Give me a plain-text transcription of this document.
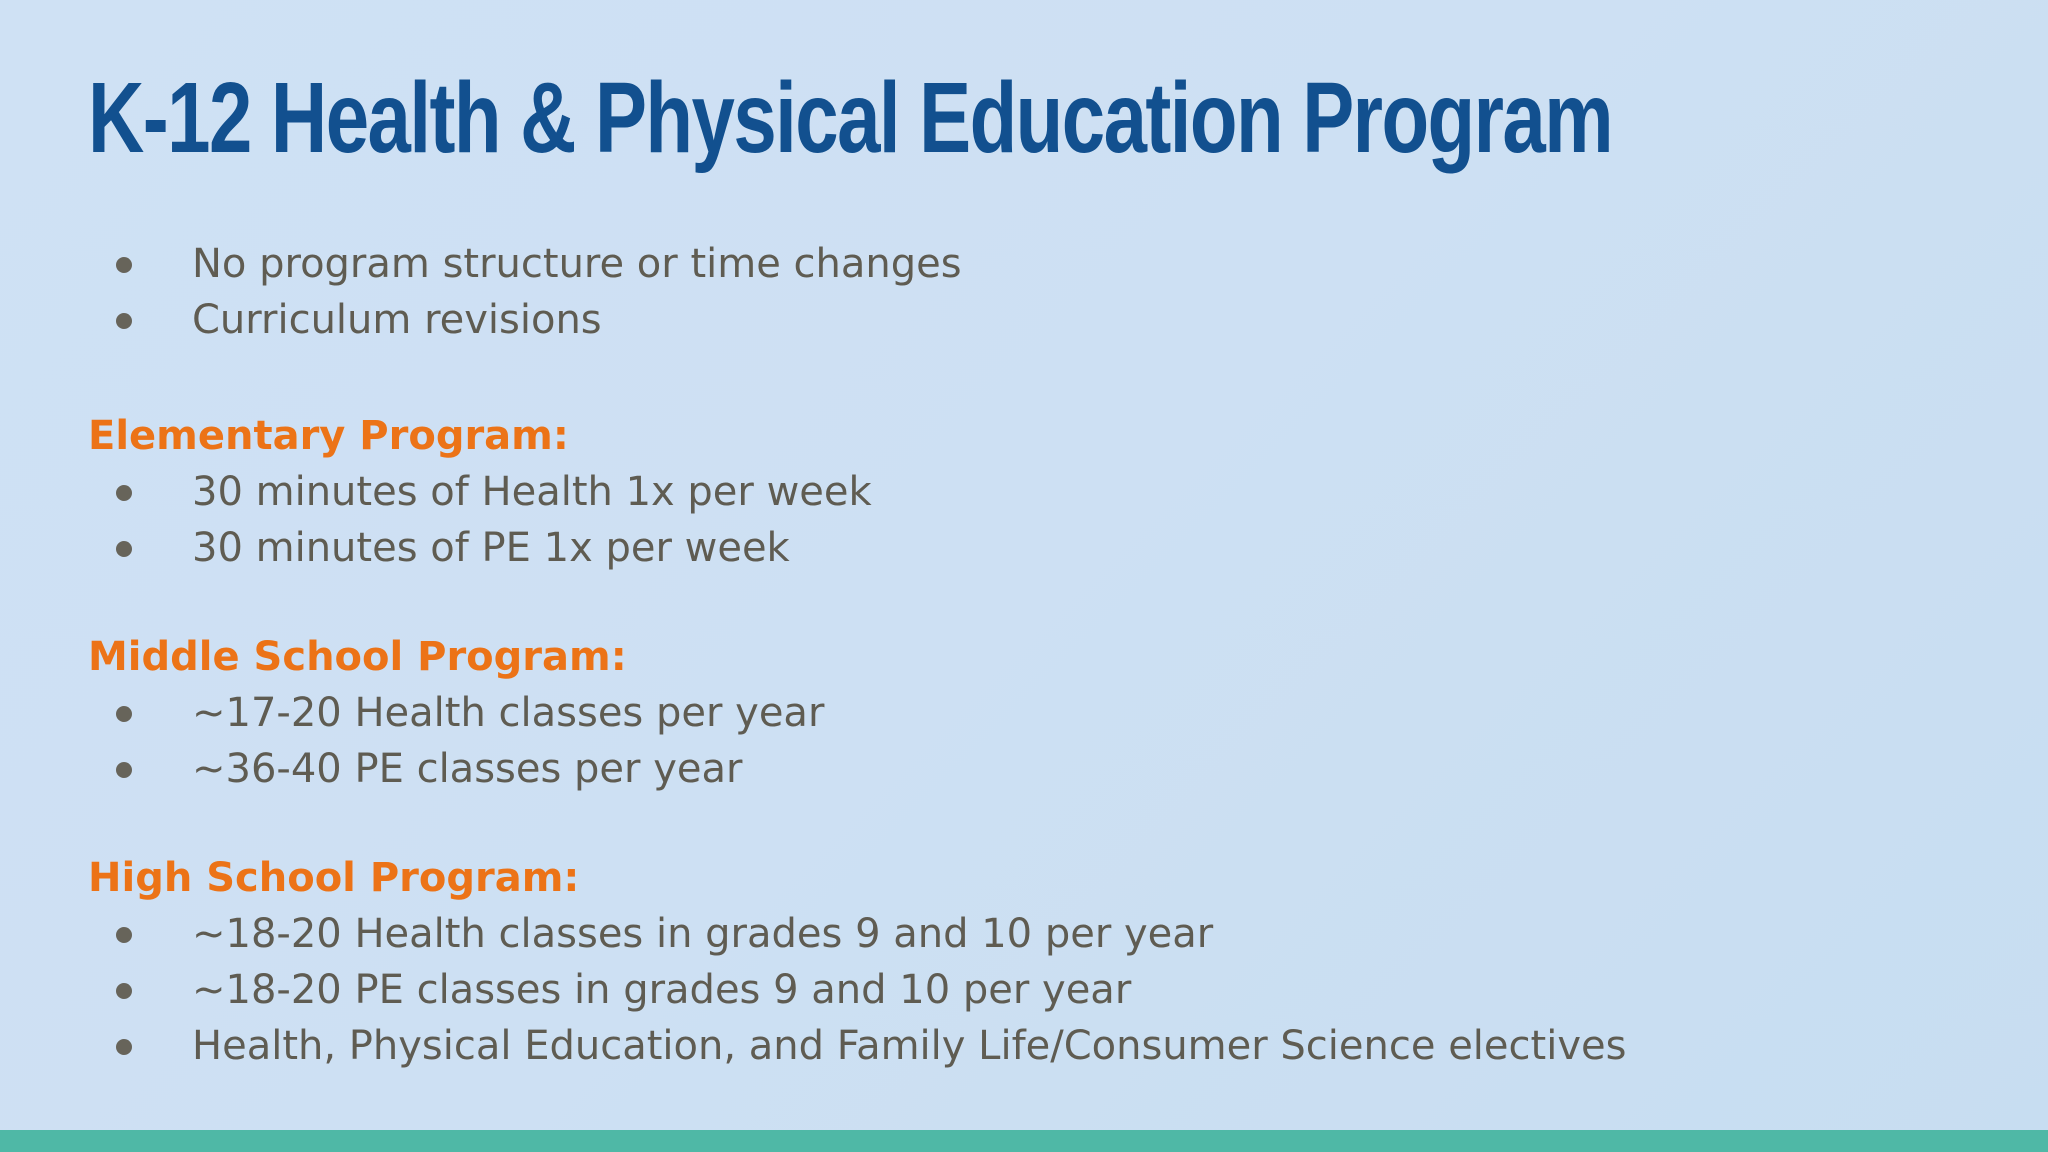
K-12 Health & Physical Education Program
No program structure or time changes
Curriculum revisions
Elementary Program:
30 minutes of Health 1x per week
30 minutes of PE 1x per week
Middle School Program:
~17-20 Health classes per year
~36-40 PE classes per year
High School Program:
~18-20 Health classes in grades 9 and 10 per year
~18-20 PE classes in grades 9 and 10 per year
Health, Physical Education, and Family Life/Consumer Science electives
